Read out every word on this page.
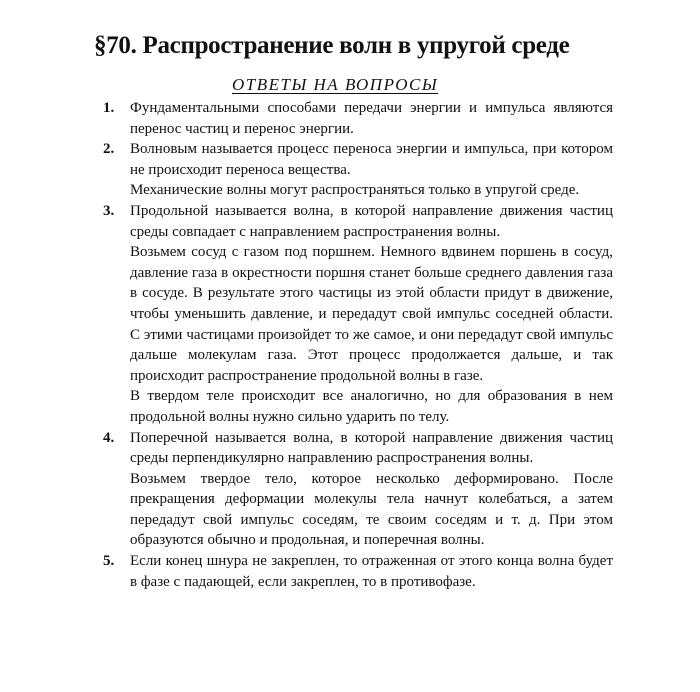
§70. Распространение волн в упругой среде
ОТВЕТЫ НА ВОПРОСЫ
1.	Фундаментальными способами передачи энергии и импульса являются перенос частиц и перенос энергии.

2.	Волновым называется процесс переноса энергии и импульса, при котором не происходит переноса вещества.

Механические волны могут распространяться только в упругой среде.

3.	Продольной называется волна, в которой направление движения частиц среды совпадает с направлением распространения волны.

Возьмем сосуд с газом под поршнем. Немного вдвинем поршень в сосуд, давление газа в окрестности поршня станет больше среднего давления газа в сосуде. В результате этого частицы из этой области придут в движение, чтобы уменьшить давление, и передадут свой импульс соседней области. С этими частицами произойдет то же самое, и они передадут свой импульс дальше молекулам газа. Этот процесс продолжается дальше, и так происходит распространение продольной волны в газе.

В твердом теле происходит все аналогично, но для образования в нем продольной волны нужно сильно ударить по телу.

4.	Поперечной называется волна, в которой направление движения частиц среды перпендикулярно направлению распространения волны.

Возьмем твердое тело, которое несколько деформировано. После прекращения деформации молекулы тела начнут колебаться, а затем передадут свой импульс соседям, те своим соседям и т. д. При этом образуются обычно и продольная, и поперечная волны.

5.	Если конец шнура не закреплен, то отраженная от этого конца волна будет в фазе с падающей, если закреплен, то в противофазе.
